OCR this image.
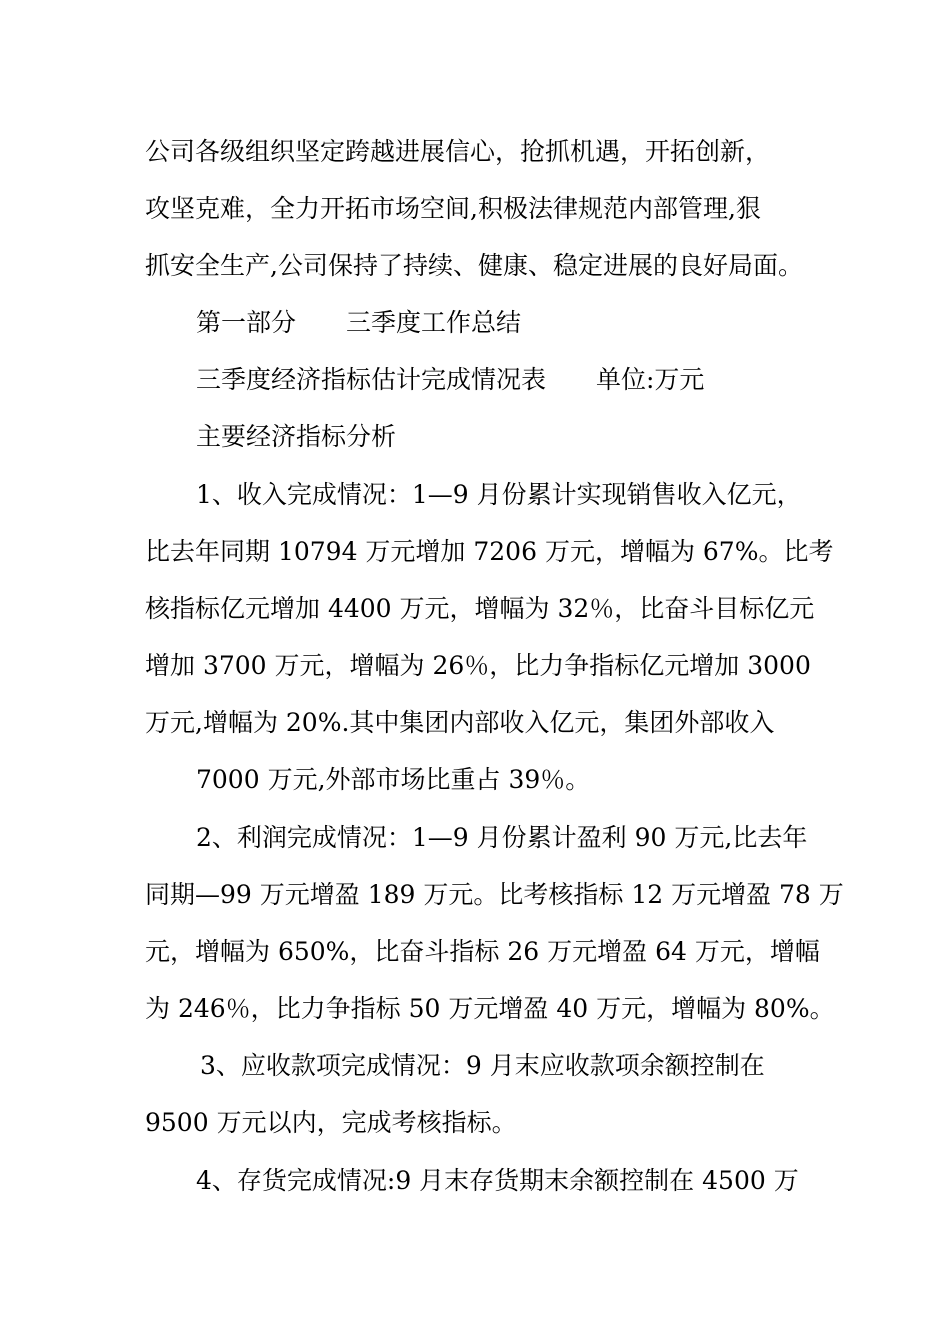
公司各级组织坚定跨越进展信心，抢抓机遇，开拓创新，
攻坚克难，全力开拓市场空间,积极法律规范内部管理,狠
抓安全生产,公司保持了持续、健康、稳定进展的良好局面。
第一部分　　三季度工作总结
三季度经济指标估计完成情况表　　单位:万元
主要经济指标分析
1、收入完成情况：1—9 月份累计实现销售收入亿元，
比去年同期 10794 万元增加 7206 万元，增幅为 67%。比考
核指标亿元增加 4400 万元，增幅为 32％，比奋斗目标亿元
增加 3700 万元，增幅为 26％，比力争指标亿元增加 3000
万元,增幅为 20%.其中集团内部收入亿元，集团外部收入
7000 万元,外部市场比重占 39％。
2、利润完成情况：1—9 月份累计盈利 90 万元,比去年
同期—99 万元增盈 189 万元。比考核指标 12 万元增盈 78 万
元，增幅为 650%，比奋斗指标 26 万元增盈 64 万元，增幅
为 246％，比力争指标 50 万元增盈 40 万元，增幅为 80%。
3、应收款项完成情况：9 月末应收款项余额控制在
9500 万元以内，完成考核指标。
4、存货完成情况:9 月末存货期末余额控制在 4500 万
